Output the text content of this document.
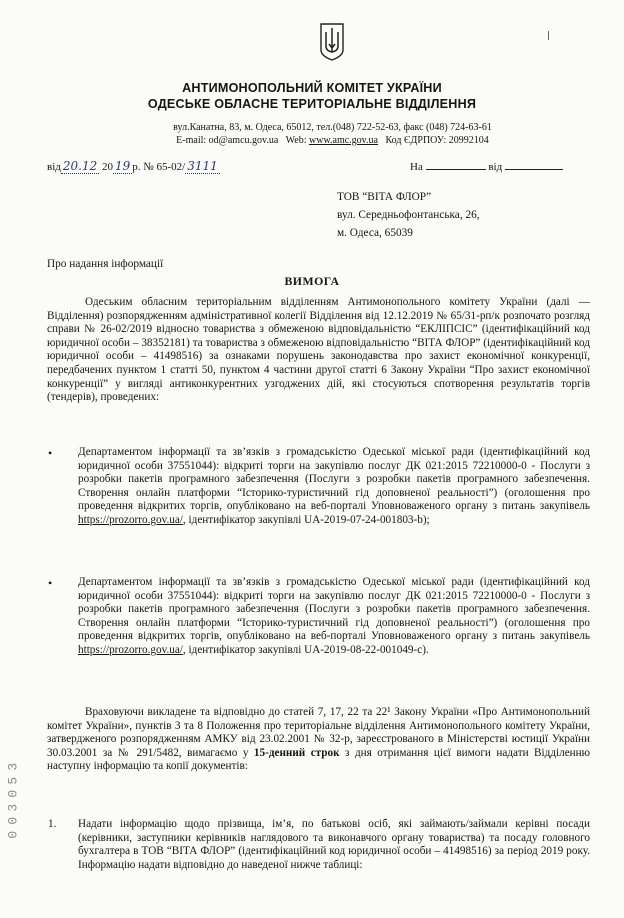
АНТИМОНОПОЛЬНИЙ КОМІТЕТ УКРАЇНИ
ОДЕСЬКЕ ОБЛАСНЕ ТЕРИТОРІАЛЬНЕ ВІДДІЛЕННЯ
вул.Канатна, 83, м. Одеса, 65012, тел.(048) 722-52-63, факс (048) 724-63-61
E-mail: od@amcu.gov.ua Web: www.amc.gov.ua Код ЄДРПОУ: 20992104
від 20.12 20 19 р. № 65-02/ 3111	На	від
ТОВ “ВІТА ФЛОР”
вул. Середньофонтанська, 26,
м. Одеса, 65039
Про надання інформації
ВИМОГА
Одеським обласним територіальним відділенням Антимонопольного комітету України (далі — Відділення) розпорядженням адміністративної колегії Відділення від 12.12.2019 № 65/31-рп/к розпочато розгляд справи № 26-02/2019 відносно товариства з обмеженою відповідальністю “ЕКЛІПСІС” (ідентифікаційний код юридичної особи – 38352181) та товариства з обмеженою відповідальністю “ВІТА ФЛОР” (ідентифікаційний код юридичної особи – 41498516) за ознаками порушень законодавства про захист економічної конкуренції, передбачених пунктом 1 статті 50, пунктом 4 частини другої статті 6 Закону України “Про захист економічної конкуренції” у вигляді антиконкурентних узгоджених дій, які стосуються спотворення результатів торгів (тендерів), проведених:
• Департаментом інформації та зв’язків з громадськістю Одеської міської ради (ідентифікаційний код юридичної особи 37551044): відкриті торги на закупівлю послуг ДК 021:2015 72210000-0 - Послуги з розробки пакетів програмного забезпечення (Послуги з розробки пакетів програмного забезпечення. Створення онлайн платформи “Історико-туристичний гід доповненої реальності”) (оголошення про проведення відкритих торгів, опубліковано на веб-порталі Уповноваженого органу з питань закупівель https://prozorro.gov.ua/, ідентифікатор закупівлі UA-2019-07-24-001803-b);
• Департаментом інформації та зв’язків з громадськістю Одеської міської ради (ідентифікаційний код юридичної особи 37551044): відкриті торги на закупівлю послуг ДК 021:2015 72210000-0 - Послуги з розробки пакетів програмного забезпечення (Послуги з розробки пакетів програмного забезпечення. Створення онлайн платформи “Історико-туристичний гід доповненої реальності”) (оголошення про проведення відкритих торгів, опубліковано на веб-порталі Уповноваженого органу з питань закупівель https://prozorro.gov.ua/, ідентифікатор закупівлі UA-2019-08-22-001049-c).
Враховуючи викладене та відповідно до статей 7, 17, 22 та 22¹ Закону України «Про Антимонопольний комітет України», пунктів 3 та 8 Положення про територіальне відділення Антимонопольного комітету України, затвердженого розпорядженням АМКУ від 23.02.2001 № 32-р, зареєстрованого в Міністерстві юстиції України 30.03.2001 за № 291/5482, вимагаємо у 15-денний строк з дня отримання цієї вимоги надати Відділенню наступну інформацію та копії документів:
1. Надати інформацію щодо прізвища, ім’я, по батькові осіб, які займають/займали керівні посади (керівники, заступники керівників наглядового та виконавчого органу товариства) та посаду головного бухгалтера в ТОВ “ВІТА ФЛОР” (ідентифікаційний код юридичної особи – 41498516) за період 2019 року. Інформацію надати відповідно до наведеної нижче таблиці:
3
5
0
3
0
0
